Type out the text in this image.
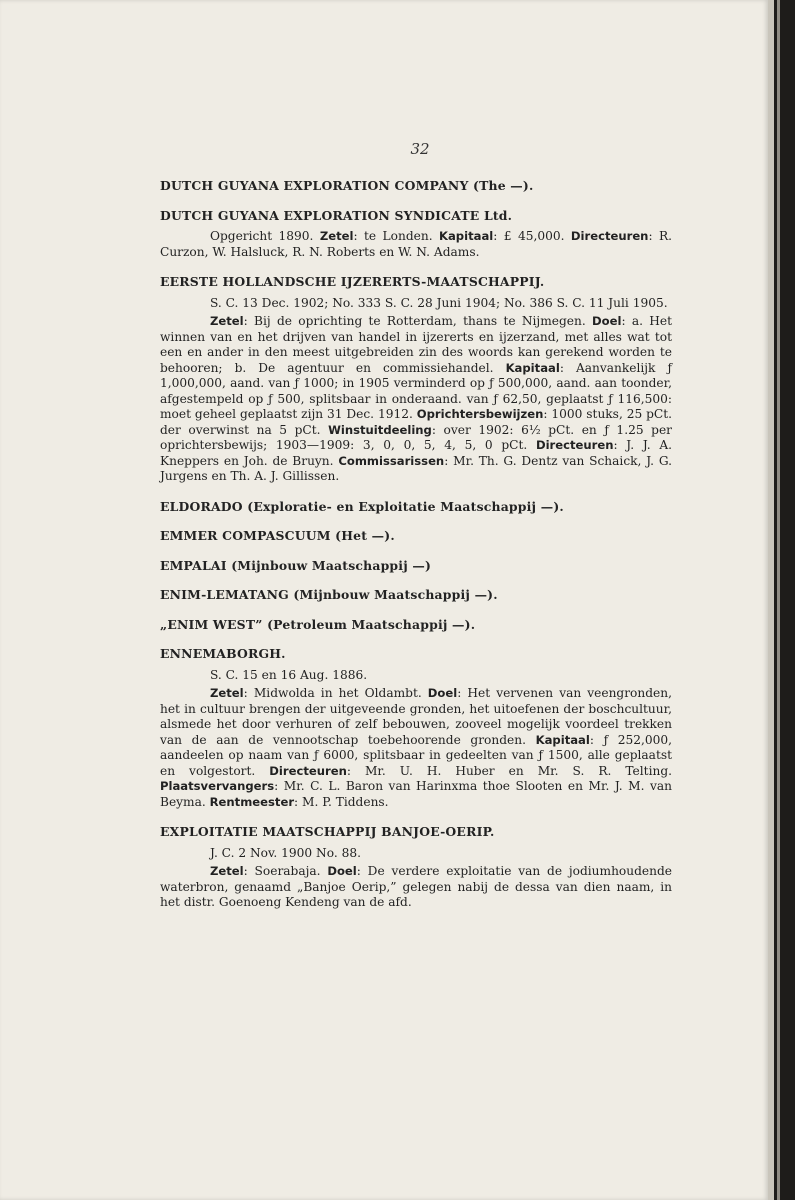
32
DUTCH GUYANA EXPLORATION COMPANY (The —).
DUTCH GUYANA EXPLORATION SYNDICATE Ltd.

Opgericht 1890. Zetel: te Londen. Kapitaal: £ 45,000. Directeuren: R. Curzon, W. Halsluck, R. N. Roberts en W. N. Adams.

EERSTE HOLLANDSCHE IJZERERTS-MAATSCHAPPIJ.

S. C. 13 Dec. 1902; No. 333 S. C. 28 Juni 1904; No. 386 S. C. 11 Juli 1905.

Zetel: Bij de oprichting te Rotterdam, thans te Nijmegen. Doel: a. Het winnen van en het drijven van handel in ijzererts en ijzerzand, met alles wat tot een en ander in den meest uitgebreiden zin des woords kan gerekend worden te behooren; b. De agentuur en commissiehandel. Kapitaal: Aanvankelijk ƒ 1,000,000, aand. van ƒ 1000; in 1905 verminderd op ƒ 500,000, aand. aan toonder, afgestempeld op ƒ 500, splitsbaar in onderaand. van ƒ 62,50, geplaatst ƒ 116,500: moet geheel geplaatst zijn 31 Dec. 1912. Oprichtersbewijzen: 1000 stuks, 25 pCt. der overwinst na 5 pCt. Winstuitdeeling: over 1902: 6½ pCt. en ƒ 1.25 per oprichtersbewijs; 1903—1909: 3, 0, 0, 5, 4, 5, 0 pCt. Directeuren: J. J. A. Kneppers en Joh. de Bruyn. Commissarissen: Mr. Th. G. Dentz van Schaick, J. G. Jurgens en Th. A. J. Gillissen.

ELDORADO (Exploratie- en Exploitatie Maatschappij —).
EMMER COMPASCUUM (Het —).
EMPALAI (Mijnbouw Maatschappij —)
ENIM-LEMATANG (Mijnbouw Maatschappij —).
„ENIM WEST” (Petroleum Maatschappij —).
ENNEMABORGH.

S. C. 15 en 16 Aug. 1886.

Zetel: Midwolda in het Oldambt. Doel: Het vervenen van veengronden, het in cultuur brengen der uitgeveende gronden, het uitoefenen der boschcultuur, alsmede het door verhuren of zelf bebouwen, zooveel mogelijk voordeel trekken van de aan de vennootschap toebehoorende gronden. Kapitaal: ƒ 252,000, aandeelen op naam van ƒ 6000, splitsbaar in gedeelten van ƒ 1500, alle geplaatst en volgestort. Directeuren: Mr. U. H. Huber en Mr. S. R. Telting. Plaatsvervangers: Mr. C. L. Baron van Harinxma thoe Slooten en Mr. J. M. van Beyma. Rentmeester: M. P. Tiddens.

EXPLOITATIE MAATSCHAPPIJ BANJOE-OERIP.

J. C. 2 Nov. 1900 No. 88.

Zetel: Soerabaja. Doel: De verdere exploitatie van de jodiumhoudende waterbron, genaamd „Banjoe Oerip,” gelegen nabij de dessa van dien naam, in het distr. Goenoeng Kendeng van de afd.
